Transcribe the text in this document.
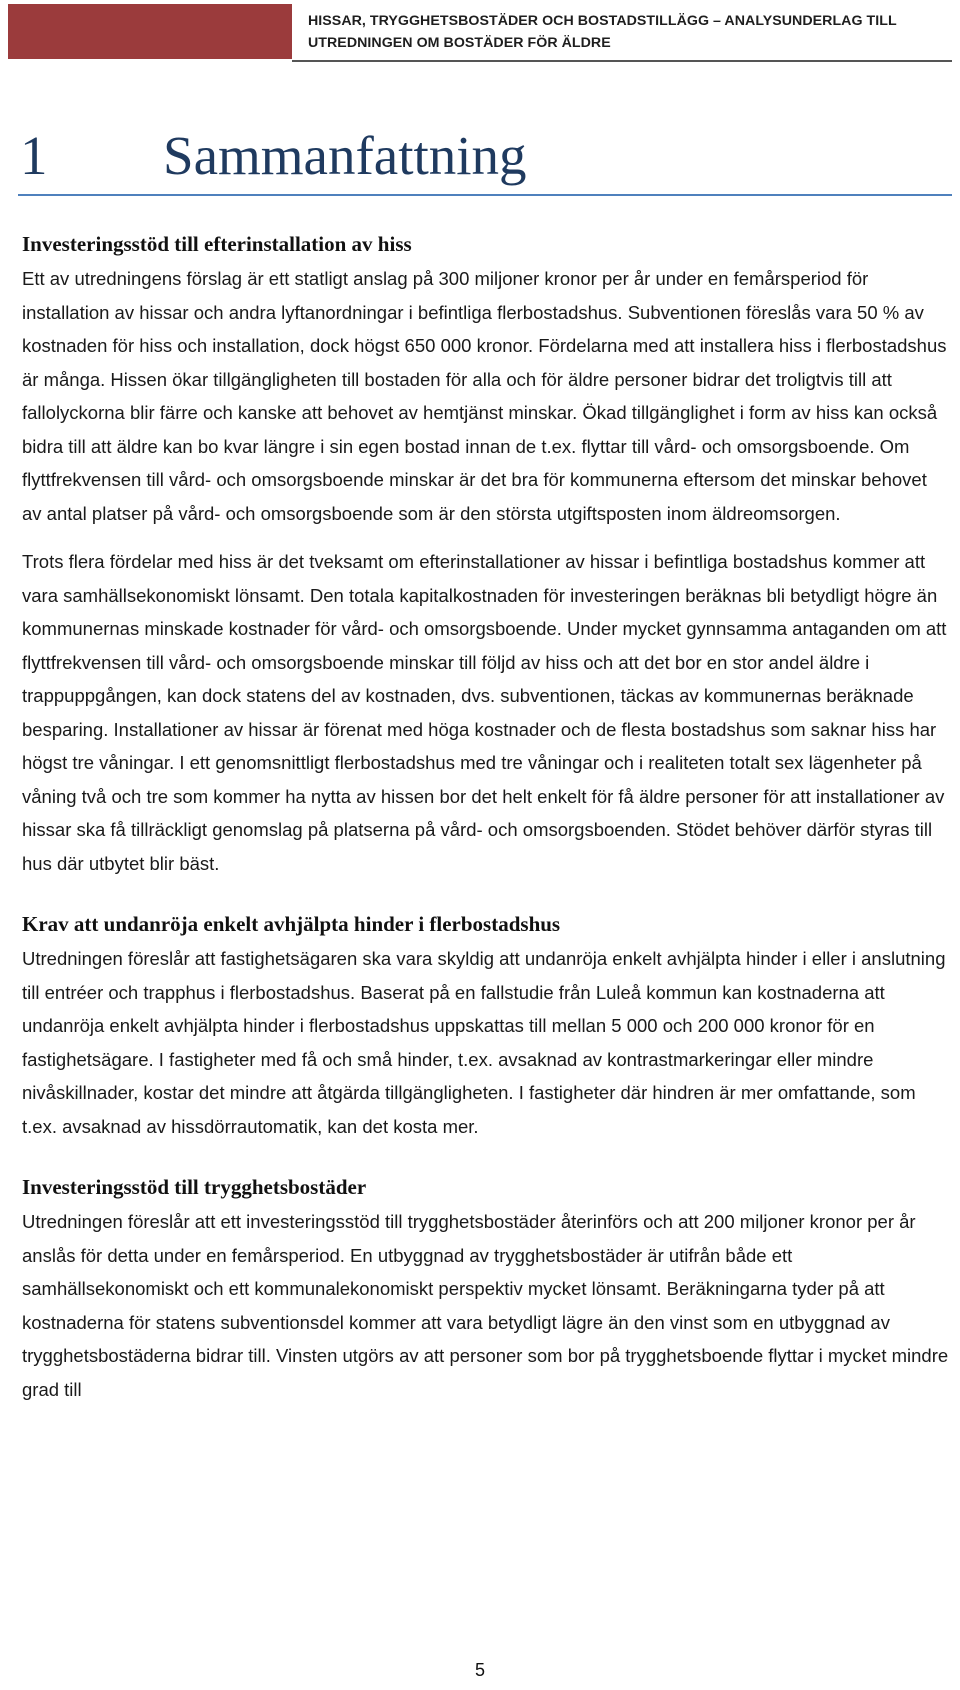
HISSAR, TRYGGHETSBOSTÄDER OCH BOSTADSTILLÄGG – ANALYSUNDERLAG TILL
UTREDNINGEN OM BOSTÄDER FÖR ÄLDRE
1 Sammanfattning
Investeringsstöd till efterinstallation av hiss

Ett av utredningens förslag är ett statligt anslag på 300 miljoner kronor per år under en femårsperiod för installation av hissar och andra lyftanordningar i befintliga flerbostadshus. Subventionen föreslås vara 50 % av kostnaden för hiss och installation, dock högst 650 000 kronor. Fördelarna med att installera hiss i flerbostadshus är många. Hissen ökar tillgängligheten till bostaden för alla och för äldre personer bidrar det troligtvis till att fallolyckorna blir färre och kanske att behovet av hemtjänst minskar. Ökad tillgänglighet i form av hiss kan också bidra till att äldre kan bo kvar längre i sin egen bostad innan de t.ex. flyttar till vård- och omsorgsboende. Om flyttfrekvensen till vård- och omsorgsboende minskar är det bra för kommunerna eftersom det minskar behovet av antal platser på vård- och omsorgsboende som är den största utgiftsposten inom äldreomsorgen.

Trots flera fördelar med hiss är det tveksamt om efterinstallationer av hissar i befintliga bostadshus kommer att vara samhällsekonomiskt lönsamt. Den totala kapitalkostnaden för investeringen beräknas bli betydligt högre än kommunernas minskade kostnader för vård- och omsorgsboende. Under mycket gynnsamma antaganden om att flyttfrekvensen till vård- och omsorgsboende minskar till följd av hiss och att det bor en stor andel äldre i trappuppgången, kan dock statens del av kostnaden, dvs. subventionen, täckas av kommunernas beräknade besparing. Installationer av hissar är förenat med höga kostnader och de flesta bostadshus som saknar hiss har högst tre våningar. I ett genomsnittligt flerbostadshus med tre våningar och i realiteten totalt sex lägenheter på våning två och tre som kommer ha nytta av hissen bor det helt enkelt för få äldre personer för att installationer av hissar ska få tillräckligt genomslag på platserna på vård- och omsorgsboenden. Stödet behöver därför styras till hus där utbytet blir bäst.

Krav att undanröja enkelt avhjälpta hinder i flerbostadshus

Utredningen föreslår att fastighetsägaren ska vara skyldig att undanröja enkelt avhjälpta hinder i eller i anslutning till entréer och trapphus i flerbostadshus. Baserat på en fallstudie från Luleå kommun kan kostnaderna att undanröja enkelt avhjälpta hinder i flerbostadshus uppskattas till mellan 5 000 och 200 000 kronor för en fastighetsägare. I fastigheter med få och små hinder, t.ex. avsaknad av kontrastmarkeringar eller mindre nivåskillnader, kostar det mindre att åtgärda tillgängligheten. I fastigheter där hindren är mer omfattande, som t.ex. avsaknad av hissdörrautomatik, kan det kosta mer.

Investeringsstöd till trygghetsbostäder

Utredningen föreslår att ett investeringsstöd till trygghetsbostäder återinförs och att 200 miljoner kronor per år anslås för detta under en femårsperiod. En utbyggnad av trygghetsbostäder är utifrån både ett samhällsekonomiskt och ett kommunalekonomiskt perspektiv mycket lönsamt. Beräkningarna tyder på att kostnaderna för statens subventionsdel kommer att vara betydligt lägre än den vinst som en utbyggnad av trygghetsbostäderna bidrar till. Vinsten utgörs av att personer som bor på trygghetsboende flyttar i mycket mindre grad till

5
